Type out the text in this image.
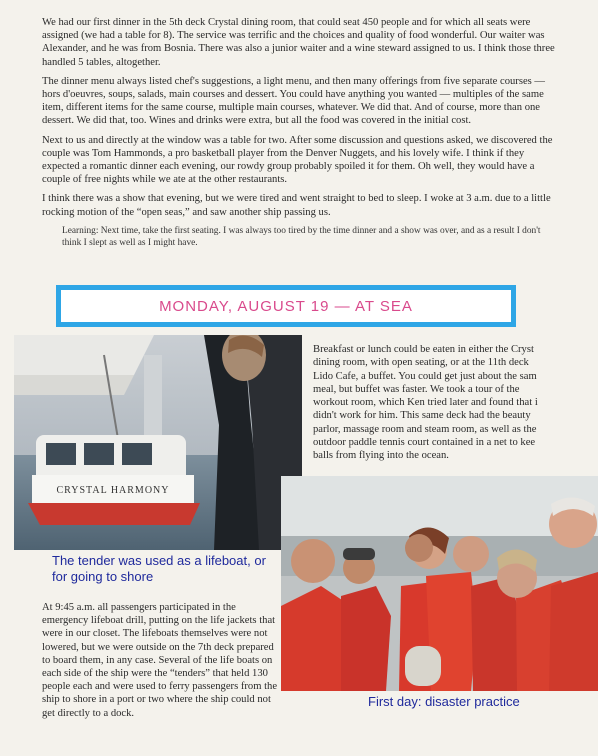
We had our first dinner in the 5th deck Crystal dining room, that could seat 450 people and for which all seats were assigned (we had a table for 8). The service was terrific and the choices and quality of food wonderful. Our waiter was Alexander, and he was from Bosnia. There was also a junior waiter and a wine steward assigned to us. I think those three handled 5 tables, altogether.

The dinner menu always listed chef's suggestions, a light menu, and then many offerings from five separate courses — hors d'oeuvres, soups, salads, main courses and dessert. You could have anything you wanted — multiples of the same item, different items for the same course, multiple main courses, whatever. We did that. And of course, more than one dessert. We did that, too. Wines and drinks were extra, but all the food was covered in the initial cost.

Next to us and directly at the window was a table for two. After some discussion and questions asked, we discovered the couple was Tom Hammonds, a pro basketball player from the Denver Nuggets, and his lovely wife. I think if they expected a romantic dinner each evening, our rowdy group probably spoiled it for them. Oh well, they would have a couple of free nights while we ate at the other restaurants.

I think there was a show that evening, but we were tired and went straight to bed to sleep. I woke at 3 a.m. due to a little rocking motion of the “open seas,” and saw another ship passing us.

Learning: Next time, take the first seating. I was always too tired by the time dinner and a show was over, and as a result I don't think I slept as well as I might have.
MONDAY, AUGUST 19 — AT SEA
CRYSTAL HARMONY
Breakfast or lunch could be eaten in either the Cryst
dining room, with open seating, or at the 11th deck
Lido Cafe, a buffet. You could get just about the sam
meal, but buffet was faster. We took a tour of the
workout room, which Ken tried later and found that i
didn't work for him. This same deck had the beauty
parlor, massage room and steam room, as well as the
outdoor paddle tennis court contained in a net to kee
balls from flying into the ocean.
The tender was used as a lifeboat, or for going to shore
At 9:45 a.m. all passengers participated in the emergency lifeboat drill, putting on the life jackets that were in our closet. The lifeboats themselves were not lowered, but we were outside on the 7th deck prepared to board them, in any case. Several of the life boats on each side of the ship were the “tenders” that held 130 people each and were used to ferry passengers from the ship to shore in a port or two where the ship could not get directly to a dock.
First day: disaster practice
